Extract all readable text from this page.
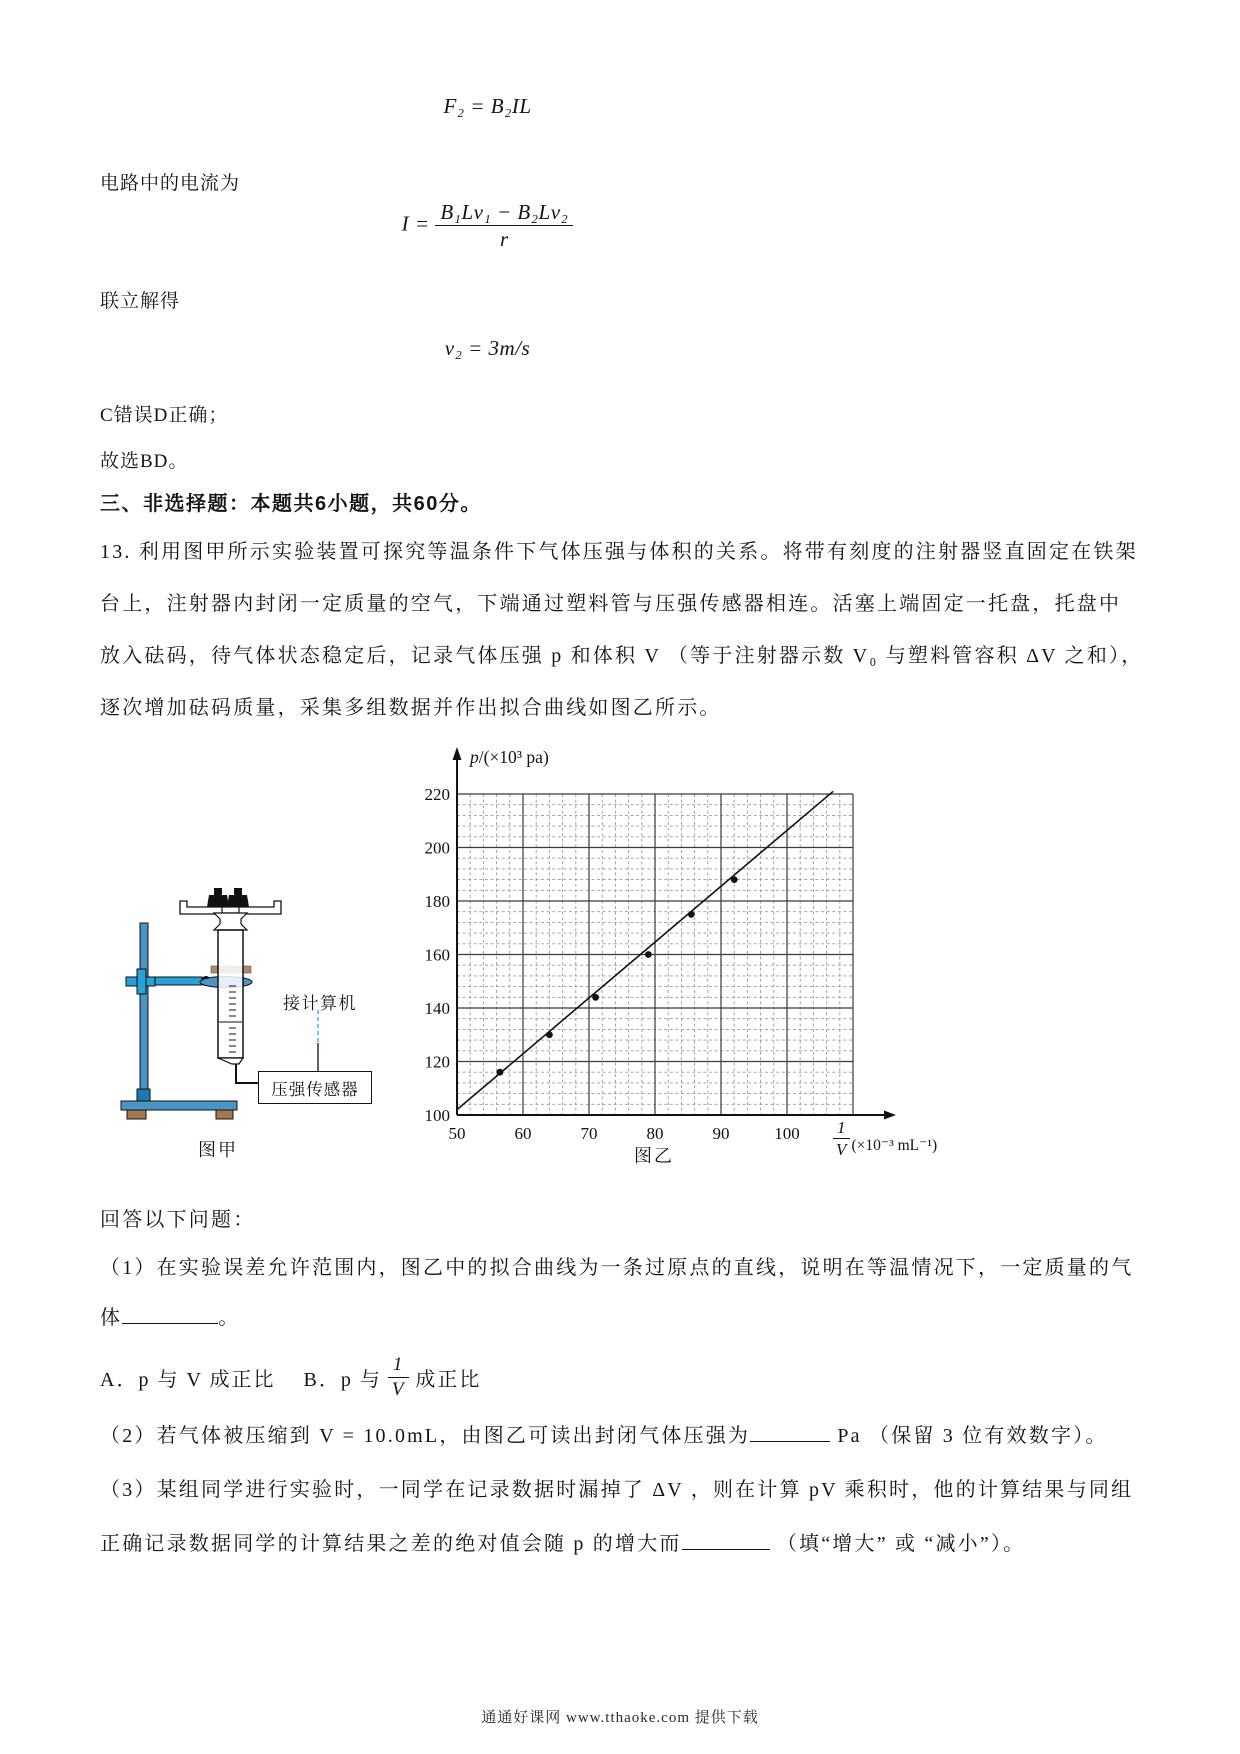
F₂ = B₂IL
电路中的电流为
$I = \frac{\text{B₁Lv₁ − B₂Lv₂}}{r}$
联立解得
v₂ = 3m/s
C错误D正确；
故选BD。
三、非选择题：本题共6小题，共60分。
13. 利用图甲所示实验装置可探究等温条件下气体压强与体积的关系。将带有刻度的注射器竖直固定在铁架
台上，注射器内封闭一定质量的空气，下端通过塑料管与压强传感器相连。活塞上端固定一托盘，托盘中
放入砝码，待气体状态稳定后，记录气体压强 p 和体积 V （等于注射器示数 V₀ 与塑料管容积 ΔV 之和），
逐次增加砝码质量，采集多组数据并作出拟合曲线如图乙所示。
接计算机
压强传感器
图甲
50	60	70	80	90	100
100
120
140
160
180
200
220
p/(×10³ pa)
$\frac{1}{V} (\times 10^{-3}$ mL⁻¹)
图乙
回答以下问题：
（1）在实验误差允许范围内，图乙中的拟合曲线为一条过原点的直线，说明在等温情况下，一定质量的气
体	。
A．p 与 V 成正比 B．p 与 $\frac{1}{V}$ 成正比
（2）若气体被压缩到 V = 10.0mL，由图乙可读出封闭气体压强为	Pa （保留 3 位有效数字）。
（3）某组同学进行实验时，一同学在记录数据时漏掉了 ΔV ，则在计算 pV 乘积时，他的计算结果与同组
正确记录数据同学的计算结果之差的绝对值会随 p 的增大而	（填“增大” 或 “减小”）。
通通好课网 www.tthaoke.com 提供下载
